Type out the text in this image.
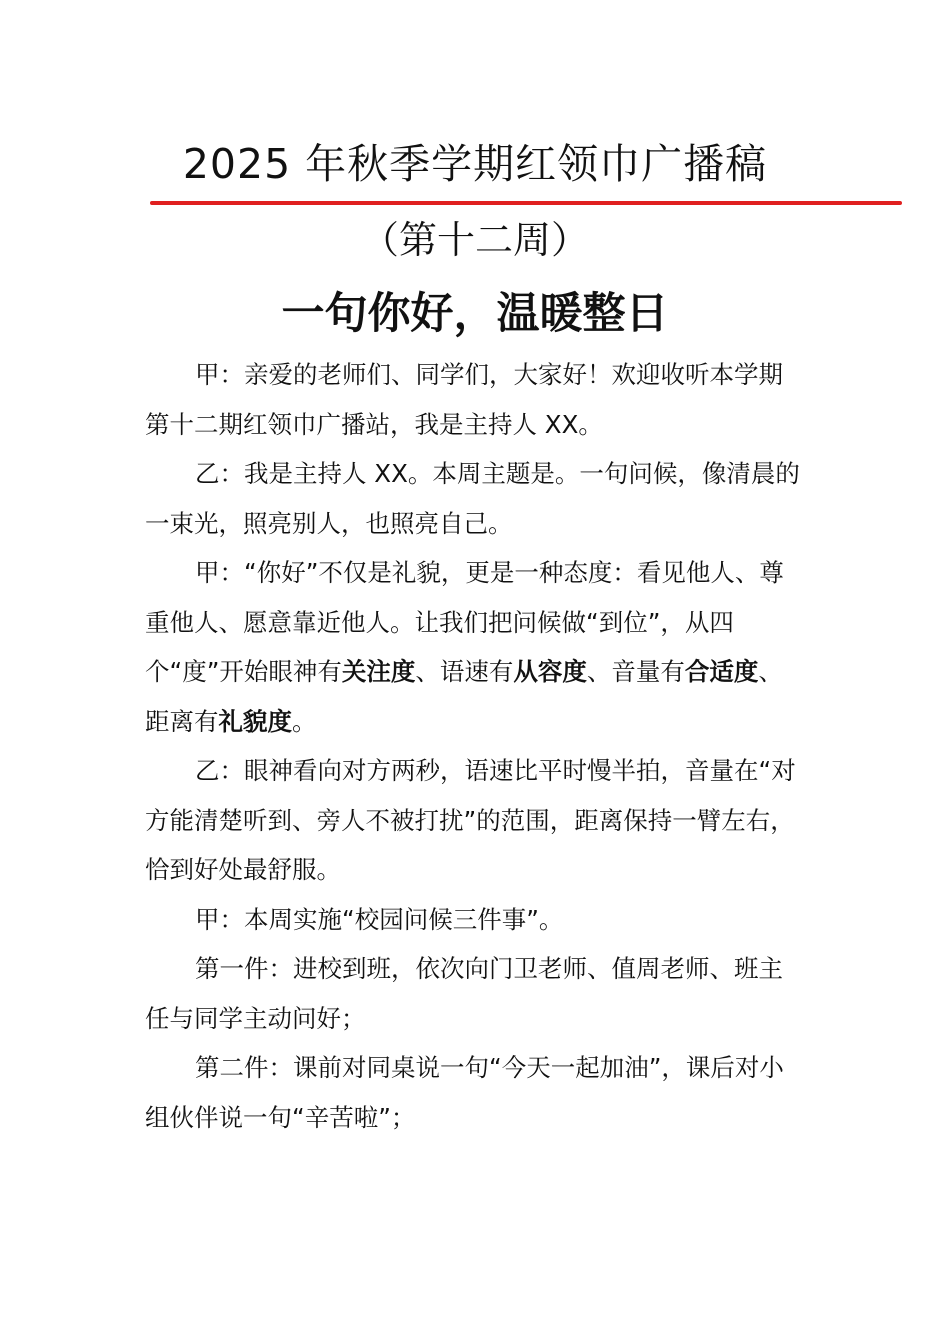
2025 年秋季学期红领巾广播稿
（第十二周）
一句你好，温暖整日

甲：亲爱的老师们、同学们，大家好！欢迎收听本学期第十二期红领巾广播站，我是主持人 XX。

乙：我是主持人 XX。本周主题是。一句问候，像清晨的一束光，照亮别人，也照亮自己。

甲：“你好”不仅是礼貌，更是一种态度：看见他人、尊重他人、愿意靠近他人。让我们把问候做“到位”，从四个“度”开始眼神有关注度、语速有从容度、音量有合适度、距离有礼貌度。

乙：眼神看向对方两秒，语速比平时慢半拍，音量在“对方能清楚听到、旁人不被打扰”的范围，距离保持一臂左右，恰到好处最舒服。

甲：本周实施“校园问候三件事”。

第一件：进校到班，依次向门卫老师、值周老师、班主任与同学主动问好；

第二件：课前对同桌说一句“今天一起加油”，课后对小组伙伴说一句“辛苦啦”；
